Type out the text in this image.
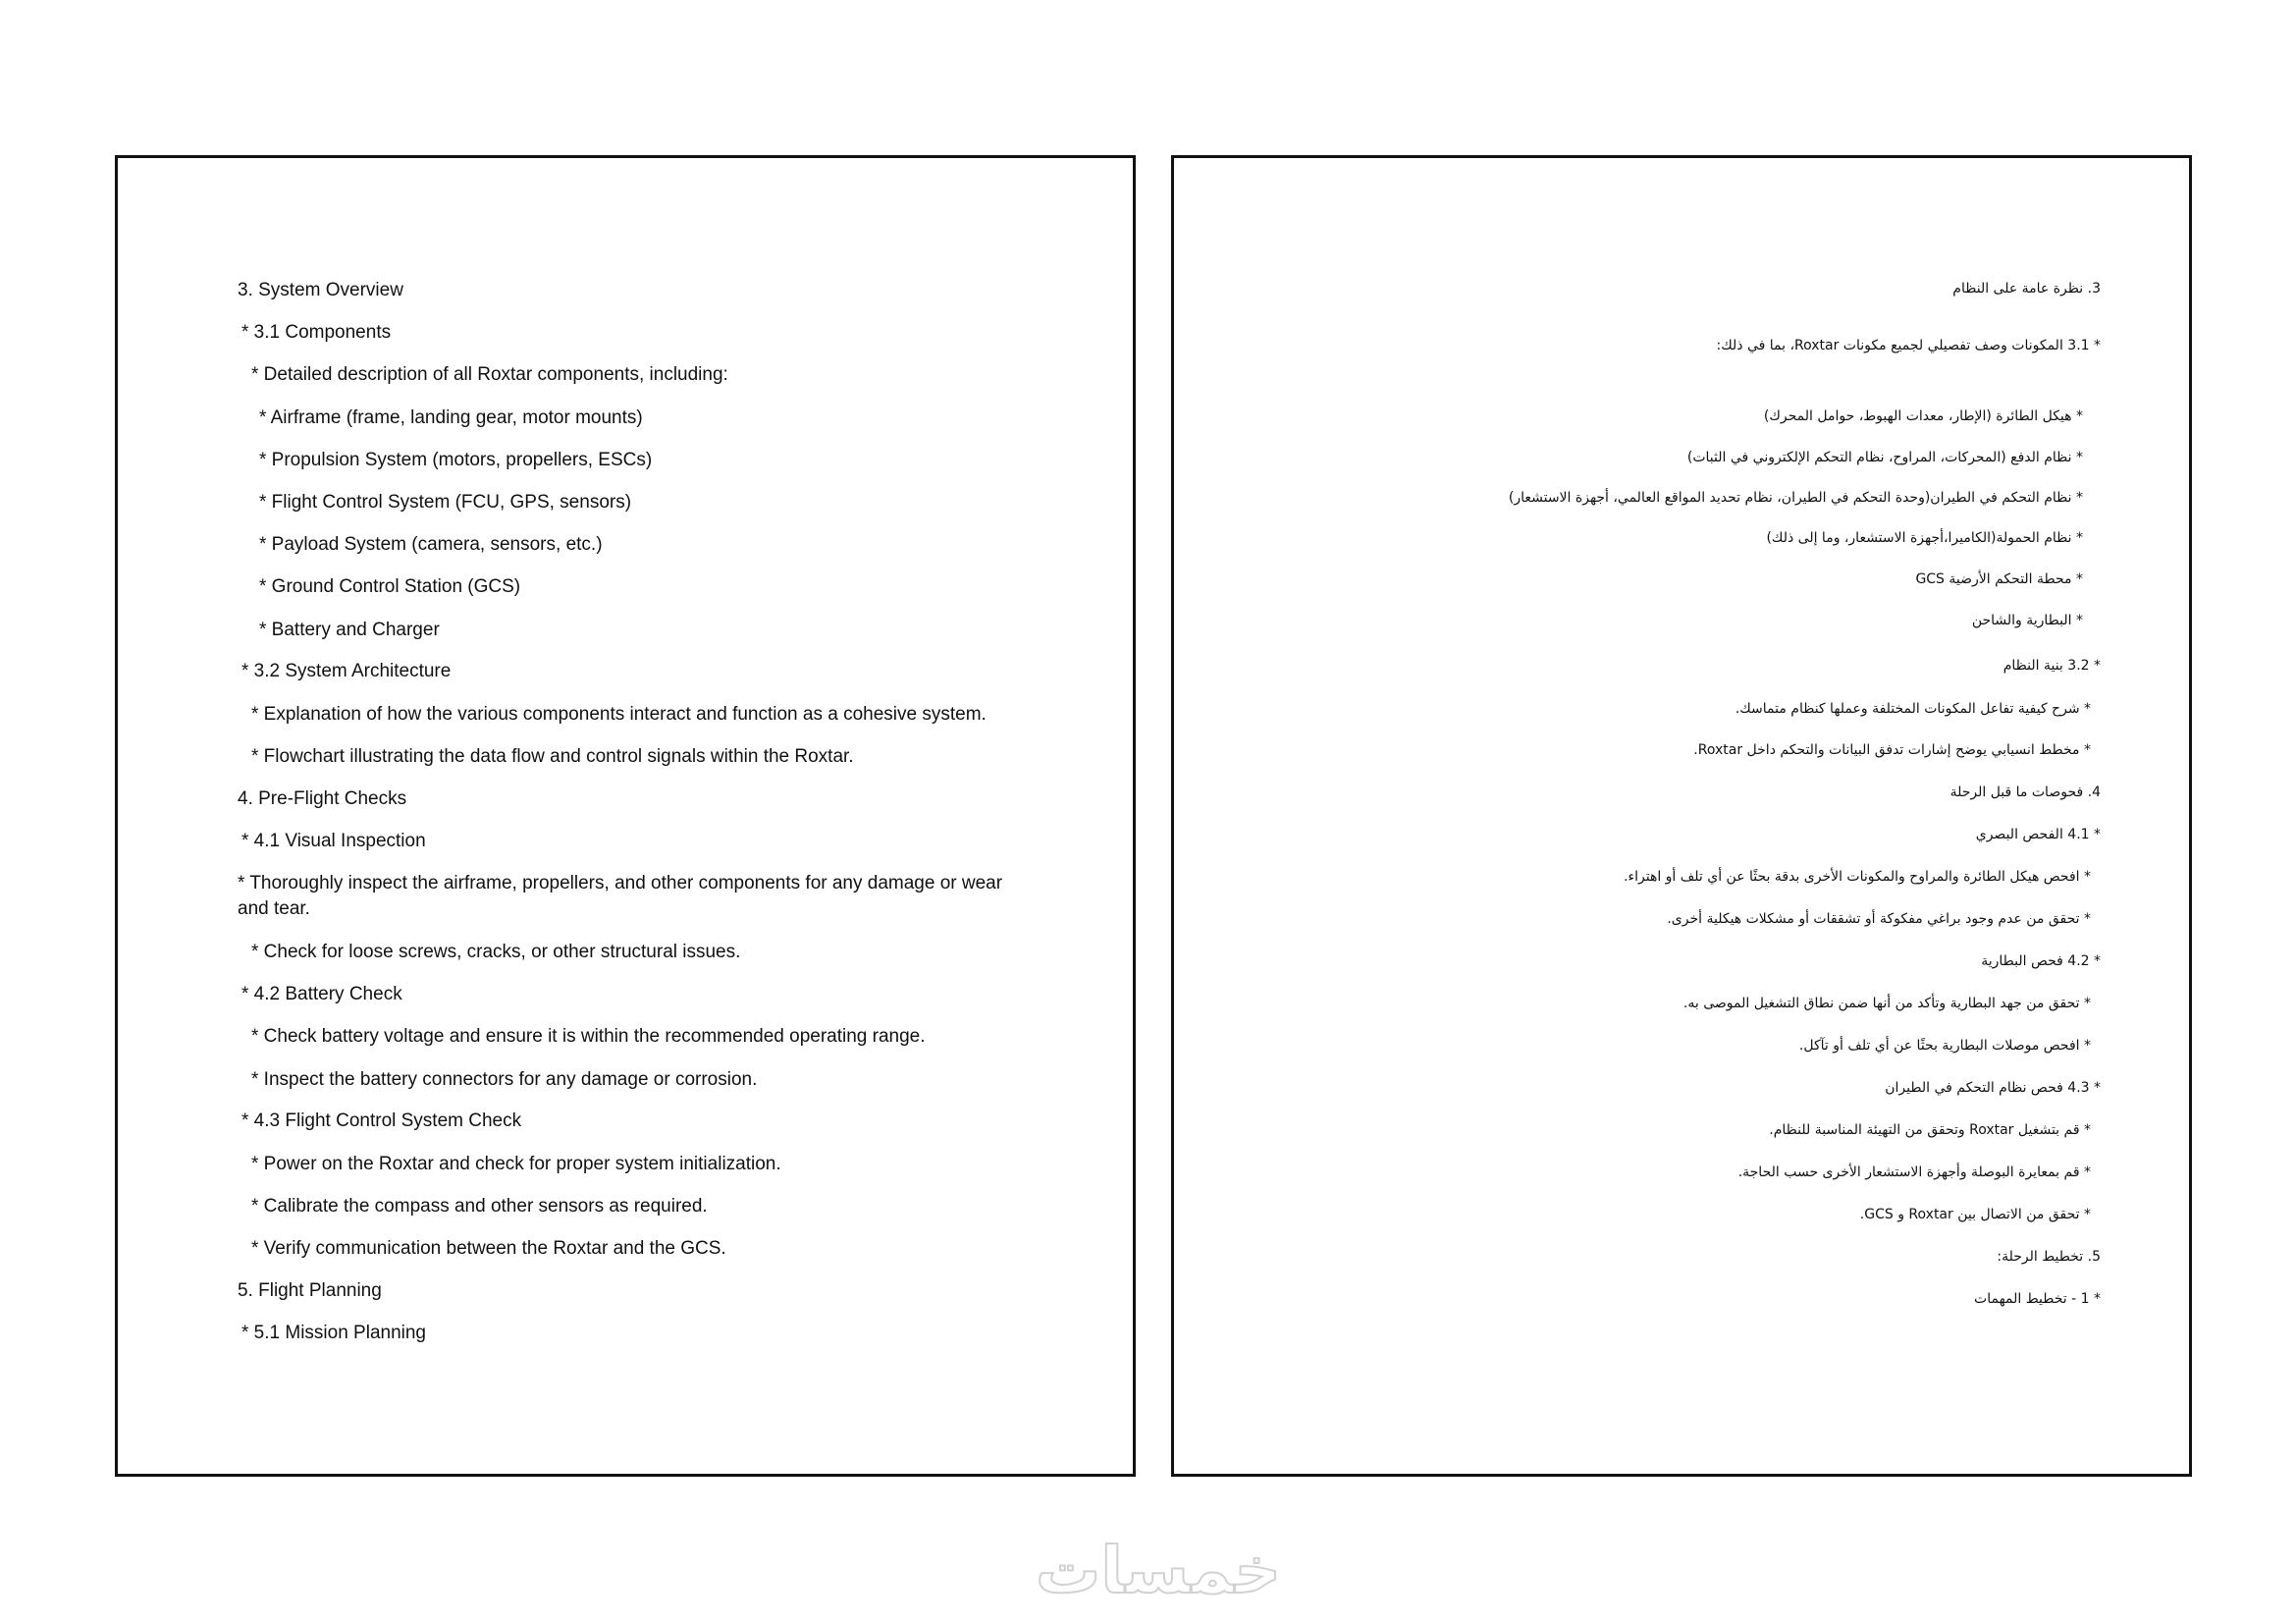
3. System Overview
* 3.1 Components
* Detailed description of all Roxtar components, including:
* Airframe (frame, landing gear, motor mounts)
* Propulsion System (motors, propellers, ESCs)
* Flight Control System (FCU, GPS, sensors)
* Payload System (camera, sensors, etc.)
* Ground Control Station (GCS)
* Battery and Charger
* 3.2 System Architecture
* Explanation of how the various components interact and function as a cohesive system.
* Flowchart illustrating the data flow and control signals within the Roxtar.
4. Pre-Flight Checks
* 4.1 Visual Inspection
* Thoroughly inspect the airframe, propellers, and other components for any damage or wear and tear.
* Check for loose screws, cracks, or other structural issues.
* 4.2 Battery Check
* Check battery voltage and ensure it is within the recommended operating range.
* Inspect the battery connectors for any damage or corrosion.
* 4.3 Flight Control System Check
* Power on the Roxtar and check for proper system initialization.
* Calibrate the compass and other sensors as required.
* Verify communication between the Roxtar and the GCS.
5. Flight Planning
* 5.1 Mission Planning
3. نظرة عامة على النظام
* 3.1 المكونات وصف تفصيلي لجميع مكونات Roxtar، بما في ذلك:
* هيكل الطائرة (الإطار، معدات الهبوط، حوامل المحرك)
* نظام الدفع (المحركات، المراوح، نظام التحكم الإلكتروني في الثبات)
* نظام التحكم في الطيران(وحدة التحكم في الطيران، نظام تحديد المواقع العالمي، أجهزة الاستشعار)
* نظام الحمولة(الكاميرا،أجهزة الاستشعار، وما إلى ذلك)
* محطة التحكم الأرضية GCS
* البطارية والشاحن
* 3.2 بنية النظام
* شرح كيفية تفاعل المكونات المختلفة وعملها كنظام متماسك.
* مخطط انسيابي يوضح إشارات تدفق البيانات والتحكم داخل Roxtar.
4. فحوصات ما قبل الرحلة
* 4.1 الفحص البصري
* افحص هيكل الطائرة والمراوح والمكونات الأخرى بدقة بحثًا عن أي تلف أو اهتراء.
* تحقق من عدم وجود براغي مفكوكة أو تشققات أو مشكلات هيكلية أخرى.
* 4.2 فحص البطارية
* تحقق من جهد البطارية وتأكد من أنها ضمن نطاق التشغيل الموصى به.
* افحص موصلات البطارية بحثًا عن أي تلف أو تآكل.
* 4.3 فحص نظام التحكم في الطيران
* قم بتشغيل Roxtar وتحقق من التهيئة المناسبة للنظام.
* قم بمعايرة البوصلة وأجهزة الاستشعار الأخرى حسب الحاجة.
* تحقق من الاتصال بين Roxtar و GCS.
5. تخطيط الرحلة:
* 1 - تخطيط المهمات
خمسات
